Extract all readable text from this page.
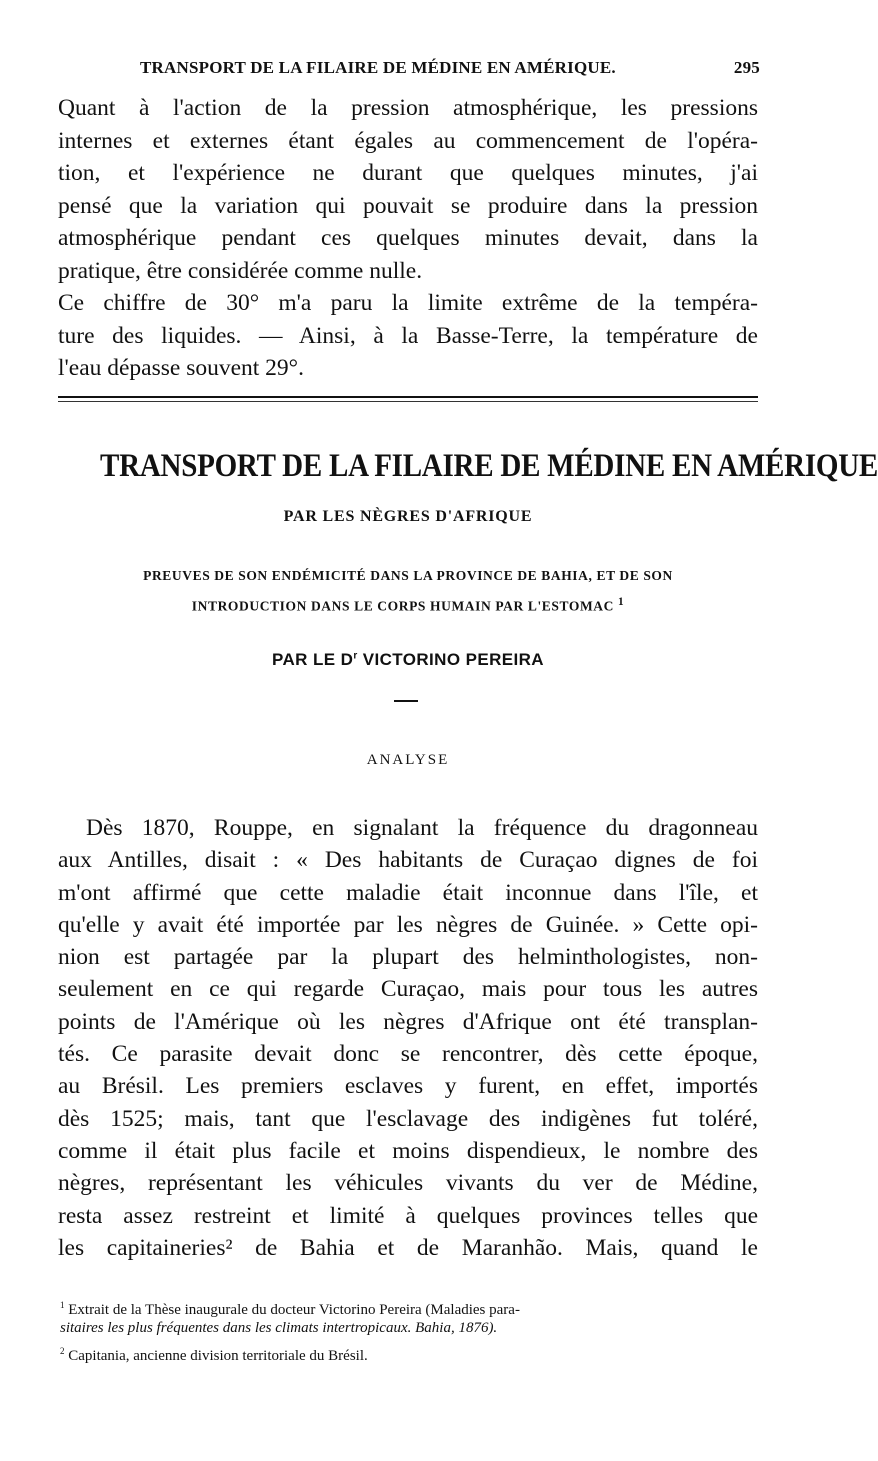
TRANSPORT DE LA FILAIRE DE MÉDINE EN AMÉRIQUE.	295
Quant à l'action de la pression atmosphérique, les pressions
internes et externes étant égales au commencement de l'opéra-
tion, et l'expérience ne durant que quelques minutes, j'ai
pensé que la variation qui pouvait se produire dans la pression
atmosphérique pendant ces quelques minutes devait, dans la
pratique, être considérée comme nulle.
Ce chiffre de 30° m'a paru la limite extrême de la tempéra-
ture des liquides. — Ainsi, à la Basse-Terre, la température de
l'eau dépasse souvent 29°.
TRANSPORT DE LA FILAIRE DE MÉDINE EN AMÉRIQUE
PAR LES NÈGRES D'AFRIQUE
PREUVES DE SON ENDÉMICITÉ DANS LA PROVINCE DE BAHIA, ET DE SON
INTRODUCTION DANS LE CORPS HUMAIN PAR L'ESTOMAC $^1$
PAR LE $D^r$ VICTORINO PEREIRA
ANALYSE
Dès 1870, Rouppe, en signalant la fréquence du dragonneau
aux Antilles, disait : « Des habitants de Curaçao dignes de foi
m'ont affirmé que cette maladie était inconnue dans l'île, et
qu'elle y avait été importée par les nègres de Guinée. » Cette opi-
nion est partagée par la plupart des helminthologistes, non-
seulement en ce qui regarde Curaçao, mais pour tous les autres
points de l'Amérique où les nègres d'Afrique ont été transplan-
tés. Ce parasite devait donc se rencontrer, dès cette époque,
au Brésil. Les premiers esclaves y furent, en effet, importés
dès 1525; mais, tant que l'esclavage des indigènes fut toléré,
comme il était plus facile et moins dispendieux, le nombre des
nègres, représentant les véhicules vivants du ver de Médine,
resta assez restreint et limité à quelques provinces telles que
les capitaineries² de Bahia et de Maranhão. Mais, quand le
$^1$ Extrait de la Thèse inaugurale du docteur Victorino Pereira (Maladies para-
sitaires les plus fréquentes dans les climats intertropicaux. Bahia, 1876).
$^2$ Capitania, ancienne division territoriale du Brésil.
